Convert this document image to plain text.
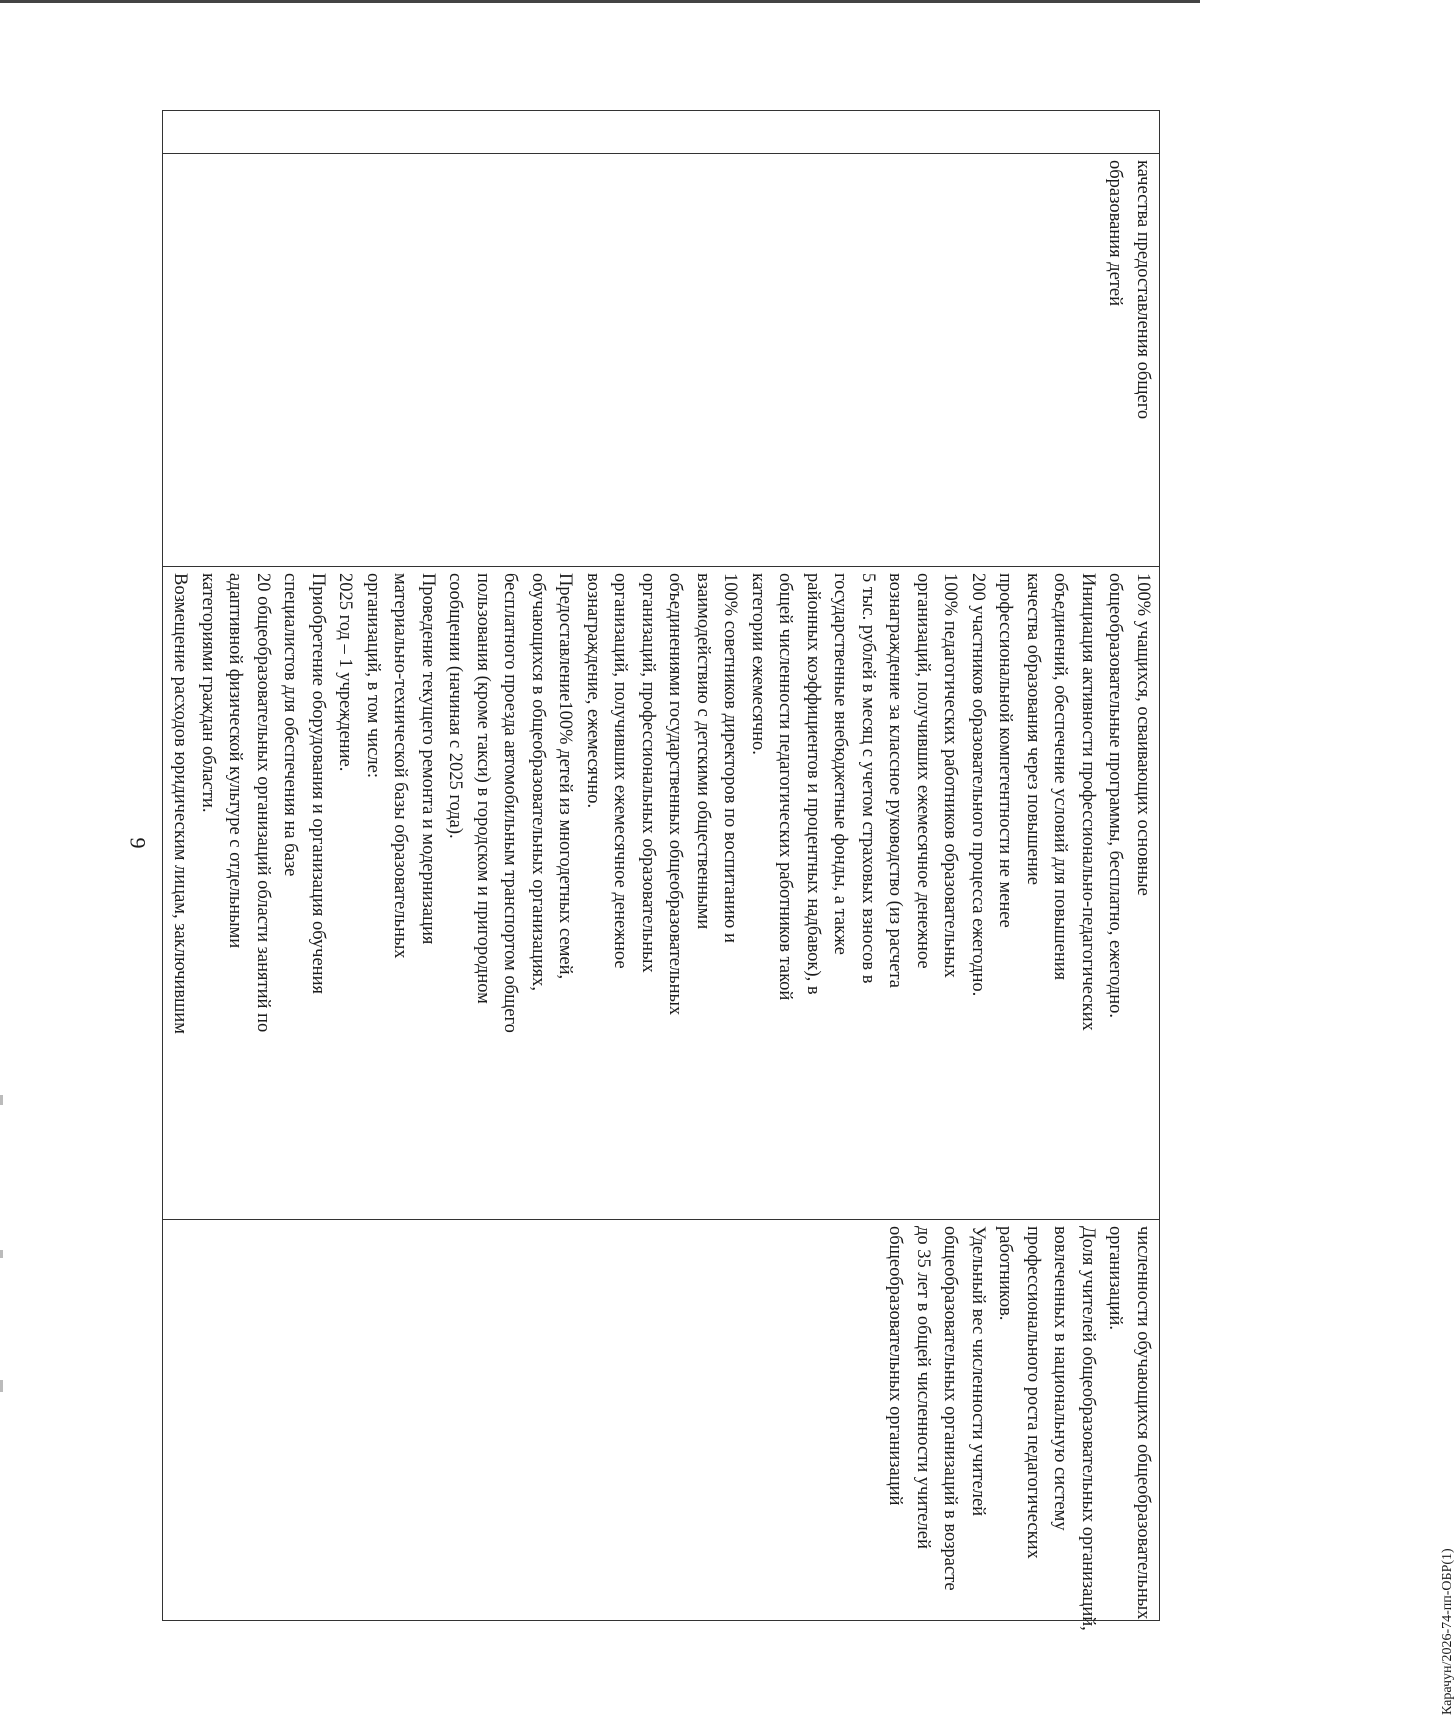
9

качества предоставления общего
образования детей

100% учащихся, осваивающих основные
общеобразовательные программы, бесплатно, ежегодно.
Инициация активности профессионально-педагогических
объединений, обеспечение условий для повышения
качества образования через повышение
профессиональной компетентности не менее
200 участников образовательного процесса ежегодно.
100% педагогических работников образовательных
организаций, получивших ежемесячное денежное
вознаграждение за классное руководство (из расчета
5 тыс. рублей в месяц с учетом страховых взносов в
государственные внебюджетные фонды, а также
районных коэффициентов и процентных надбавок), в
общей численности педагогических работников такой
категории ежемесячно.
100% советников директоров по воспитанию и
взаимодействию с детскими общественными
объединениями государственных общеобразовательных
организаций, профессиональных образовательных
организаций, получивших ежемесячное денежное
вознаграждение, ежемесячно.
Предоставление100% детей из многодетных семей,
обучающихся в общеобразовательных организациях,
бесплатного проезда автомобильным транспортом общего
пользования (кроме такси) в городском и пригородном
сообщении (начиная с 2025 года).
Проведение текущего ремонта и модернизация
материально-технической базы образовательных
организаций, в том числе:
2025 год – 1 учреждение.
Приобретение оборудования и организация обучения
специалистов для обеспечения на базе
20 общеобразовательных организаций области занятий по
адаптивной физической культуре с отдельными
категориями граждан области.
Возмещение расходов юридическим лицам, заключившим

численности обучающихся общеобразовательных
организаций.
Доля учителей общеобразовательных организаций,
вовлеченных в национальную систему
профессионального роста педагогических
работников.
Удельный вес численности учителей
общеобразовательных организаций в возрасте
до 35 лет в общей численности учителей
общеобразовательных организаций
Карачун/2026-74-пп-ОБР(1)
